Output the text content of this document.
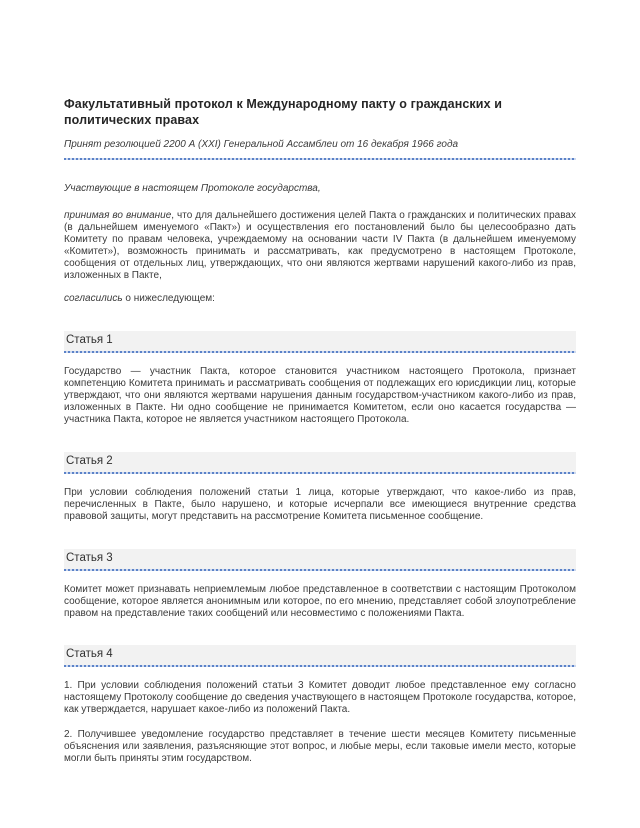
Факультативный протокол к Международному пакту о гражданских и политических правах

Принят резолюцией 2200 А (XXI) Генеральной Ассамблеи от 16 декабря 1966 года

Участвующие в настоящем Протоколе государства,

принимая во внимание, что для дальнейшего достижения целей Пакта о гражданских и политических правах (в дальнейшем именуемого «Пакт») и осуществления его постановлений было бы целесообразно дать Комитету по правам человека, учреждаемому на основании части IV Пакта (в дальнейшем именуемому «Комитет»), возможность принимать и рассматривать, как предусмотрено в настоящем Протоколе, сообщения от отдельных лиц, утверждающих, что они являются жертвами нарушений какого-либо из прав, изложенных в Пакте,

согласились о нижеследующем:

Статья 1

Государство — участник Пакта, которое становится участником настоящего Протокола, признает компетенцию Комитета принимать и рассматривать сообщения от подлежащих его юрисдикции лиц, которые утверждают, что они являются жертвами нарушения данным государством-участником какого-либо из прав, изложенных в Пакте. Ни одно сообщение не принимается Комитетом, если оно касается государства — участника Пакта, которое не является участником настоящего Протокола.

Статья 2

При условии соблюдения положений статьи 1 лица, которые утверждают, что какое-либо из прав, перечисленных в Пакте, было нарушено, и которые исчерпали все имеющиеся внутренние средства правовой защиты, могут представить на рассмотрение Комитета письменное сообщение.

Статья 3

Комитет может признавать неприемлемым любое представленное в соответствии с настоящим Протоколом сообщение, которое является анонимным или которое, по его мнению, представляет собой злоупотребление правом на представление таких сообщений или несовместимо с положениями Пакта.

Статья 4

1. При условии соблюдения положений статьи 3 Комитет доводит любое представленное ему согласно настоящему Протоколу сообщение до сведения участвующего в настоящем Протоколе государства, которое, как утверждается, нарушает какое-либо из положений Пакта.

2. Получившее уведомление государство представляет в течение шести месяцев Комитету письменные объяснения или заявления, разъясняющие этот вопрос, и любые меры, если таковые имели место, которые могли быть приняты этим государством.
